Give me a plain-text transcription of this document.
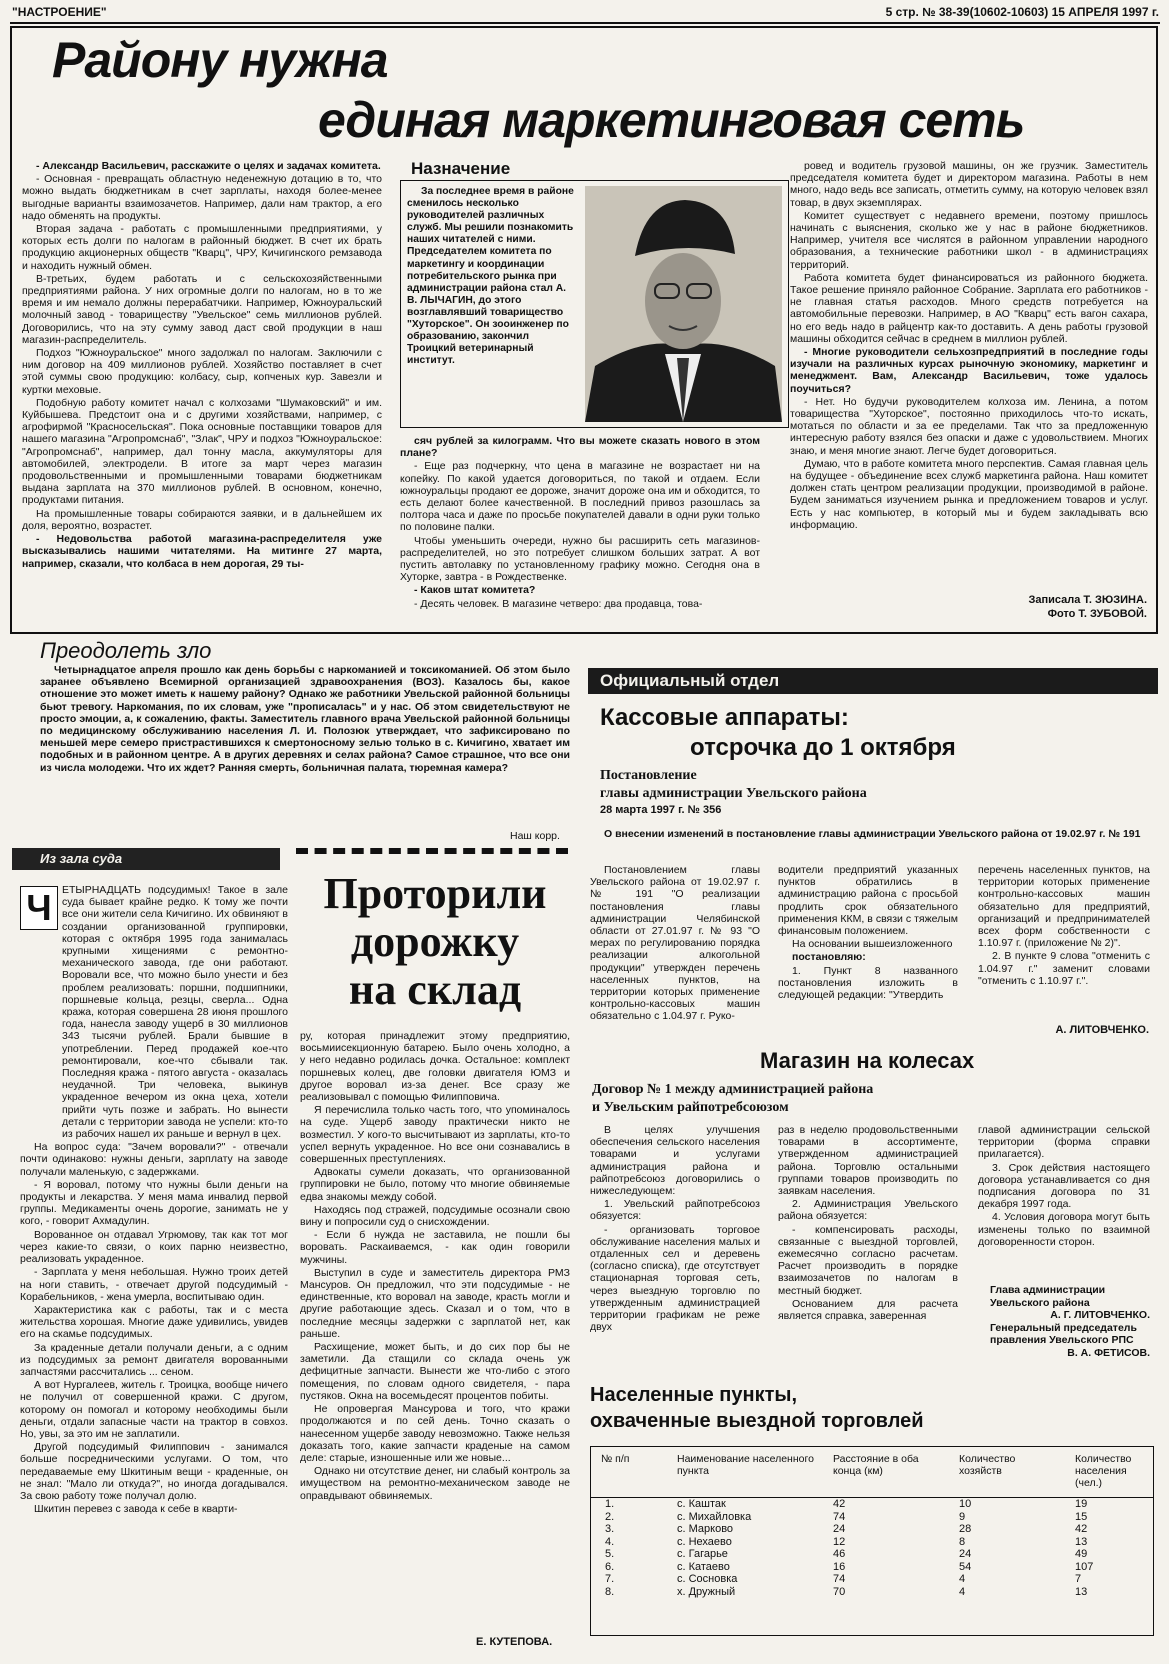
"НАСТРОЕНИЕ"	5 стр. № 38-39(10602-10603) 15 АПРЕЛЯ 1997 г.
Району нужна
единая маркетинговая сеть

- Александр Васильевич, расскажите о целях и задачах комитета.

- Основная - превращать областную неденежную дотацию в то, что можно выдать бюджетникам в счет зарплаты, находя более-менее выгодные варианты взаимозачетов. Например, дали нам трактор, а его надо обменять на продукты.

Вторая задача - работать с промышленными предприятиями, у которых есть долги по налогам в районный бюджет. В счет их брать продукцию акционерных обществ "Кварц", ЧРУ, Кичигинского ремзавода и находить нужный обмен.

В-третьих, будем работать и с сельскохозяйственными предприятиями района. У них огромные долги по налогам, но в то же время и им немало должны перерабатчики. Например, Южноуральский молочный завод - товариществу "Увельское" семь миллионов рублей. Договорились, что на эту сумму завод даст свой продукции в наш магазин-распределитель.

Подхоз "Южноуральское" много задолжал по налогам. Заключили с ним договор на 409 миллионов рублей. Хозяйство поставляет в счет этой суммы свою продукцию: колбасу, сыр, копченых кур. Завезли и куртки меховые.

Подобную работу комитет начал с колхозами "Шумаковский" и им. Куйбышева. Предстоит она и с другими хозяйствами, например, с агрофирмой "Красносельская". Пока основные поставщики товаров для нашего магазина "Агропромснаб", "Злак", ЧРУ и подхоз "Южноуральское: "Агропромснаб", например, дал тонну масла, аккумуляторы для автомобилей, электродели. В итоге за март через магазин продовольственными и промышленными товарами бюджетникам выдана зарплата на 370 миллионов рублей. В основном, конечно, продуктами питания.

На промышленные товары собираются заявки, и в дальнейшем их доля, вероятно, возрастет.

- Недовольства работой магазина-распределителя уже высказывались нашими читателями. На митинге 27 марта, например, сказали, что колбаса в нем дорогая, 29 ты-

Назначение

За последнее время в районе сменилось несколько руководителей различных служб. Мы решили познакомить наших читателей с ними. Председателем комитета по маркетингу и координации потребительского рынка при администрации района стал А. В. ЛЫЧАГИН, до этого возглавлявший товарищество "Хуторское". Он зооинженер по образованию, закончил Троицкий ветеринарный институт.

сяч рублей за килограмм. Что вы можете сказать нового в этом плане?

- Еще раз подчеркну, что цена в магазине не возрастает ни на копейку. По какой удается договориться, по такой и отдаем. Если южноуральцы продают ее дороже, значит дороже она им и обходится, то есть делают более качественной. В последний привоз разошлась за полтора часа и даже по просьбе покупателей давали в одни руки только по половине палки.

Чтобы уменьшить очереди, нужно бы расширить сеть магазинов-распределителей, но это потребует слишком больших затрат. А вот пустить автолавку по установленному графику можно. Сегодня она в Хуторке, завтра - в Рождественке.

- Каков штат комитета?

- Десять человек. В магазине четверо: два продавца, това-

ровед и водитель грузовой машины, он же грузчик. Заместитель председателя комитета будет и директором магазина. Работы в нем много, надо ведь все записать, отметить сумму, на которую человек взял товар, в двух экземплярах.

Комитет существует с недавнего времени, поэтому пришлось начинать с выяснения, сколько же у нас в районе бюджетников. Например, учителя все числятся в районном управлении народного образования, а технические работники школ - в администрациях территорий.

Работа комитета будет финансироваться из районного бюджета. Такое решение приняло районное Собрание. Зарплата его работников - не главная статья расходов. Много средств потребуется на автомобильные перевозки. Например, в АО "Кварц" есть вагон сахара, но его ведь надо в райцентр как-то доставить. А день работы грузовой машины обходится сейчас в среднем в миллион рублей.

- Многие руководители сельхозпредприятий в последние годы изучали на различных курсах рыночную экономику, маркетинг и менеджмент. Вам, Александр Васильевич, тоже удалось поучиться?

- Нет. Но будучи руководителем колхоза им. Ленина, а потом товарищества "Хуторское", постоянно приходилось что-то искать, мотаться по области и за ее пределами. Так что за предложенную интересную работу взялся без опаски и даже с удовольствием. Многих знаю, и меня многие знают. Легче будет договориться.

Думаю, что в работе комитета много перспектив. Самая главная цель на будущее - объединение всех служб маркетинга района. Наш комитет должен стать центром реализации продукции, производимой в районе. Будем заниматься изучением рынка и предложением товаров и услуг. Есть у нас компьютер, в который мы и будем закладывать всю информацию.

Записала Т. ЗЮЗИНА.
Фото Т. ЗУБОВОЙ.
Преодолеть зло

Четырнадцатое апреля прошло как день борьбы с наркоманией и токсикоманией. Об этом было заранее объявлено Всемирной организацией здравоохранения (ВОЗ). Казалось бы, какое отношение это может иметь к нашему району? Однако же работники Увельской районной больницы бьют тревогу. Наркомания, по их словам, уже "прописалась" и у нас. Об этом свидетельствуют не просто эмоции, а, к сожалению, факты. Заместитель главного врача Увельской районной больницы по медицинскому обслуживанию населения Л. И. Полозюк утверждает, что зафиксировано по меньшей мере семеро пристрастившихся к смертоносному зелью только в с. Кичигино, хватает им подобных и в районном центре. А в других деревнях и селах района? Самое страшное, что все они из числа молодежи. Что их ждет? Ранняя смерть, больничная палата, тюремная камера?

Наш корр.
Из зала суда
Проторили
дорожку
на склад
Ч ЕТЫРНАДЦАТЬ подсудимых! Такое в зале суда бывает крайне редко. К тому же почти все они жители села Кичигино. Их обвиняют в создании организованной группировки, которая с октября 1995 года занималась крупными хищениями с ремонтно-механического завода, где они работают. Воровали все, что можно было унести и без проблем реализовать: поршни, подшипники, поршневые кольца, резцы, сверла... Одна кража, которая совершена 28 июня прошлого года, нанесла заводу ущерб в 30 миллионов 343 тысячи рублей. Брали бывшие в употреблении. Перед продажей кое-что ремонтировали, кое-что сбывали так. Последняя кража - пятого августа - оказалась неудачной. Три человека, выкинув украденное вечером из окна цеха, хотели прийти чуть позже и забрать. Но вынести детали с территории завода не успели: кто-то из рабочих нашел их раньше и вернул в цех.

На вопрос суда: "Зачем воровали?" - отвечали почти одинаково: нужны деньги, зарплату на заводе получали маленькую, с задержками.

- Я воровал, потому что нужны были деньги на продукты и лекарства. У меня мама инвалид первой группы. Медикаменты очень дорогие, занимать не у кого, - говорит Ахмадулин.

Ворованное он отдавал Угрюмову, так как тот мог через какие-то связи, о коих парню неизвестно, реализовать украденное.

- Зарплата у меня небольшая. Нужно троих детей на ноги ставить, - отвечает другой подсудимый - Корабельников, - жена умерла, воспитываю один.

Характеристика как с работы, так и с места жительства хорошая. Многие даже удивились, увидев его на скамье подсудимых.

За краденные детали получали деньги, а с одним из подсудимых за ремонт двигателя ворованными запчастями рассчитались ... сеном.

А вот Нургалеев, житель г. Троицка, вообще ничего не получил от совершенной кражи. С другом, которому он помогал и которому необходимы были деньги, отдали запасные части на трактор в совхоз. Но, увы, за это им не заплатили.

Другой подсудимый Филиппович - занимался больше посредническими услугами. О том, что передаваемые ему Шкитиным вещи - краденные, он не знал: "Мало ли откуда?", но иногда догадывался. За свою работу тоже получал долю.

Шкитин перевез с завода к себе в кварти-

ру, которая принадлежит этому предприятию, восьмиисекционную батарею. Было очень холодно, а у него недавно родилась дочка. Остальное: комплект поршневых колец, две головки двигателя ЮМЗ и другое воровал из-за денег. Все сразу же реализовывал с помощью Филипповича.

Я перечислила только часть того, что упоминалось на суде. Ущерб заводу практически никто не возместил. У кого-то высчитывают из зарплаты, кто-то успел вернуть украденное. Но все они сознавались в совершенных преступлениях.

Адвокаты сумели доказать, что организованной группировки не было, потому что многие обвиняемые едва знакомы между собой.

Находясь под стражей, подсудимые осознали свою вину и попросили суд о снисхождении.

- Если б нужда не заставила, не пошли бы воровать. Раскаиваемся, - как один говорили мужчины.

Выступил в суде и заместитель директора РМЗ Мансуров. Он предложил, что эти подсудимые - не единственные, кто воровал на заводе, красть могли и другие работающие здесь. Сказал и о том, что в последние месяцы задержки с зарплатой нет, как раньше.

Расхищение, может быть, и до сих пор бы не заметили. Да стащили со склада очень уж дефицитные запчасти. Вынести же что-либо с этого помещения, по словам одного свидетеля, - пара пустяков. Окна на восемьдесят процентов побиты.

Не опровергая Мансурова и того, что кражи продолжаются и по сей день. Точно сказать о нанесенном ущербе заводу невозможно. Также нельзя доказать того, какие запчасти краденые на самом деле: старые, изношенные или же новые...

Однако ни отсутствие денег, ни слабый контроль за имуществом на ремонтно-механическом заводе не оправдывают обвиняемых.

Е. КУТЕПОВА.
Официальный отдел
Кассовые аппараты:
отсрочка до 1 октября
Постановление
главы администрации Увельского района
28 марта 1997 г. № 356

О внесении изменений в постановление главы администрации Увельского района от 19.02.97 г. № 191

Постановлением главы Увельского района от 19.02.97 г. № 191 "О реализации постановления главы администрации Челябинской области от 27.01.97 г. № 93 "О мерах по регулированию порядка реализации алкогольной продукции" утвержден перечень населенных пунктов, на территории которых применение контрольно-кассовых машин обязательно с 1.04.97 г. Руко-

водители предприятий указанных пунктов обратились в администрацию района с просьбой продлить срок обязательного применения ККМ, в связи с тяжелым финансовым положением.

На основании вышеизложенного

постановляю:

1. Пункт 8 названного постановления изложить в следующей редакции: "Утвердить

перечень населенных пунктов, на территории которых применение контрольно-кассовых машин обязательно для предприятий, организаций и предпринимателей всех форм собственности с 1.10.97 г. (приложение № 2)".

2. В пункте 9 слова "отменить с 1.04.97 г." заменит словами "отменить с 1.10.97 г.".

А. ЛИТОВЧЕНКО.
Магазин на колесах
Договор № 1 между администрацией района
и Увельским райпотребсоюзом

В целях улучшения обеспечения сельского населения товарами и услугами администрация района и райпотребсоюз договорились о нижеследующем:

1. Увельский райпотребсоюз обязуется:

- организовать торговое обслуживание населения малых и отдаленных сел и деревень (согласно списка), где отсутствует стационарная торговая сеть, через выездную торговлю по утвержденным администрацией территории графикам не реже двух

раз в неделю продовольственными товарами в ассортименте, утвержденном администрацией района. Торговлю остальными группами товаров производить по заявкам населения.

2. Администрация Увельского района обязуется:

- компенсировать расходы, связанные с выездной торговлей, ежемесячно согласно расчетам. Расчет производить в порядке взаимозачетов по налогам в местный бюджет.

Основанием для расчета является справка, заверенная

главой администрации сельской территории (форма справки прилагается).

3. Срок действия настоящего договора устанавливается со дня подписания договора по 31 декабря 1997 года.

4. Условия договора могут быть изменены только по взаимной договоренности сторон.

Глава администрации
Увельского района
А. Г. ЛИТОВЧЕНКО.
Генеральный председатель правления Увельского РПС
В. А. ФЕТИСОВ.
Населенные пункты,
охваченные выездной торговлей
№ п/п	Наименование населенного пункта	Расстояние в оба конца (км)	Количество хозяйств	Количество населения (чел.)
1.	с. Каштак	42	10	19
2.	с. Михайловка	74	9	15
3.	с. Марково	24	28	42
4.	с. Нехаево	12	8	13
5.	с. Гагарье	46	24	49
6.	с. Катаево	16	54	107
7.	с. Сосновка	74	4	7
8.	х. Дружный	70	4	13
